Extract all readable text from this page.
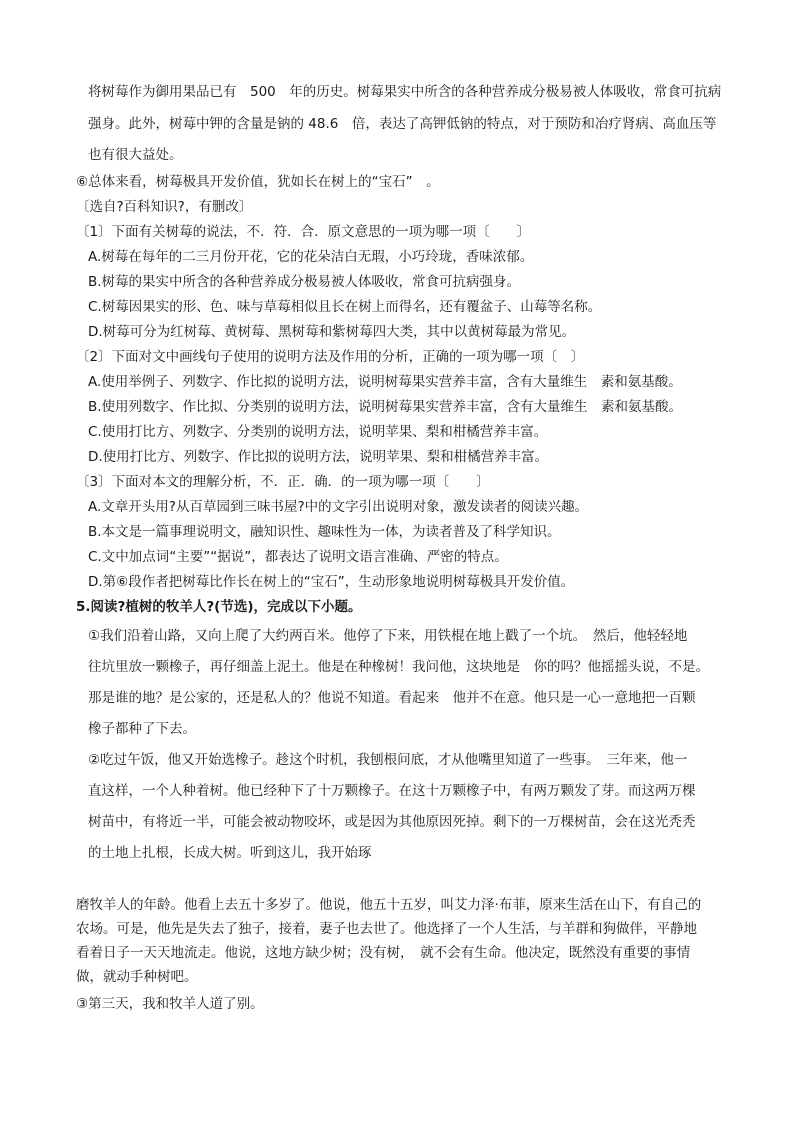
将树莓作为御用果品已有　500　年的历史。树莓果实中所含的各种营养成分极易被人体吸收，常食可抗病
强身。此外，树莓中钾的含量是钠的 48.6　倍，表达了高钾低钠的特点，对于预防和冶疗肾病、高血压等
也有很大益处。
⑥总体来看，树莓极具开发价值，犹如长在树上的“宝石”　。
〔选自?百科知识?，有删改〕
〔1〕下面有关树莓的说法，不．符．合．原文意思的一项为哪一项〔　　〕
A.树莓在每年的二三月份开花，它的花朵洁白无瑕，小巧玲珑，香味浓郁。
B.树莓的果实中所含的各种营养成分极易被人体吸收，常食可抗病强身。
C.树莓因果实的形、色、味与草莓相似且长在树上而得名，还有覆盆子、山莓等名称。
D.树莓可分为红树莓、黄树莓、黑树莓和紫树莓四大类，其中以黄树莓最为常见。
〔2〕下面对文中画线句子使用的说明方法及作用的分析，正确的一项为哪一项〔　〕
A.使用举例子、列数字、作比拟的说明方法，说明树莓果实营养丰富，含有大量维生　素和氨基酸。
B.使用列数字、作比拟、分类别的说明方法，说明树莓果实营养丰富，含有大量维生　素和氨基酸。
C.使用打比方、列数字、分类别的说明方法，说明苹果、梨和柑橘营养丰富。
D.使用打比方、列数字、作比拟的说明方法，说明苹果、梨和柑橘营养丰富。
〔3〕下面对本文的理解分析，不．正．确．的一项为哪一项〔　　〕
A.文章开头用?从百草园到三味书屋?中的文字引出说明对象，激发读者的阅读兴趣。
B.本文是一篇事理说明文，融知识性、趣味性为一体，为读者普及了科学知识。
C.文中加点词“主要”“据说”，都表达了说明文语言准确、严密的特点。
D.第⑥段作者把树莓比作长在树上的“宝石”，生动形象地说明树莓极具开发价值。
5.阅读?植树的牧羊人?(节选)，完成以下小题。
①我们沿着山路，又向上爬了大约两百米。他停了下来，用铁棍在地上戳了一个坑。　然后，他轻轻地
往坑里放一颗橡子，再仔细盖上泥土。他是在种橡树！我问他，这块地是　你的吗？他摇摇头说，不是。
那是谁的地？是公家的，还是私人的？他说不知道。看起来　他并不在意。他只是一心一意地把一百颗
橡子都种了下去。
②吃过午饭，他又开始选橡子。趁这个时机，我刨根问底，才从他嘴里知道了一些事。　三年来，他一
直这样，一个人种着树。他已经种下了十万颗橡子。在这十万颗橡子中，有两万颗发了芽。而这两万棵
树苗中，有将近一半，可能会被动物咬坏，或是因为其他原因死掉。剩下的一万棵树苗，会在这光秃秃
的土地上扎根，长成大树。听到这儿，我开始琢
磨牧羊人的年龄。他看上去五十多岁了。他说，他五十五岁，叫艾力泽·布菲，原来生活在山下，有自己的
农场。可是，他先是失去了独子，接着，妻子也去世了。他选择了一个人生活，与羊群和狗做伴，平静地
看着日子一天天地流走。他说，这地方缺少树；没有树，　就不会有生命。他决定，既然没有重要的事情
做，就动手种树吧。
③第三天，我和牧羊人道了别。
